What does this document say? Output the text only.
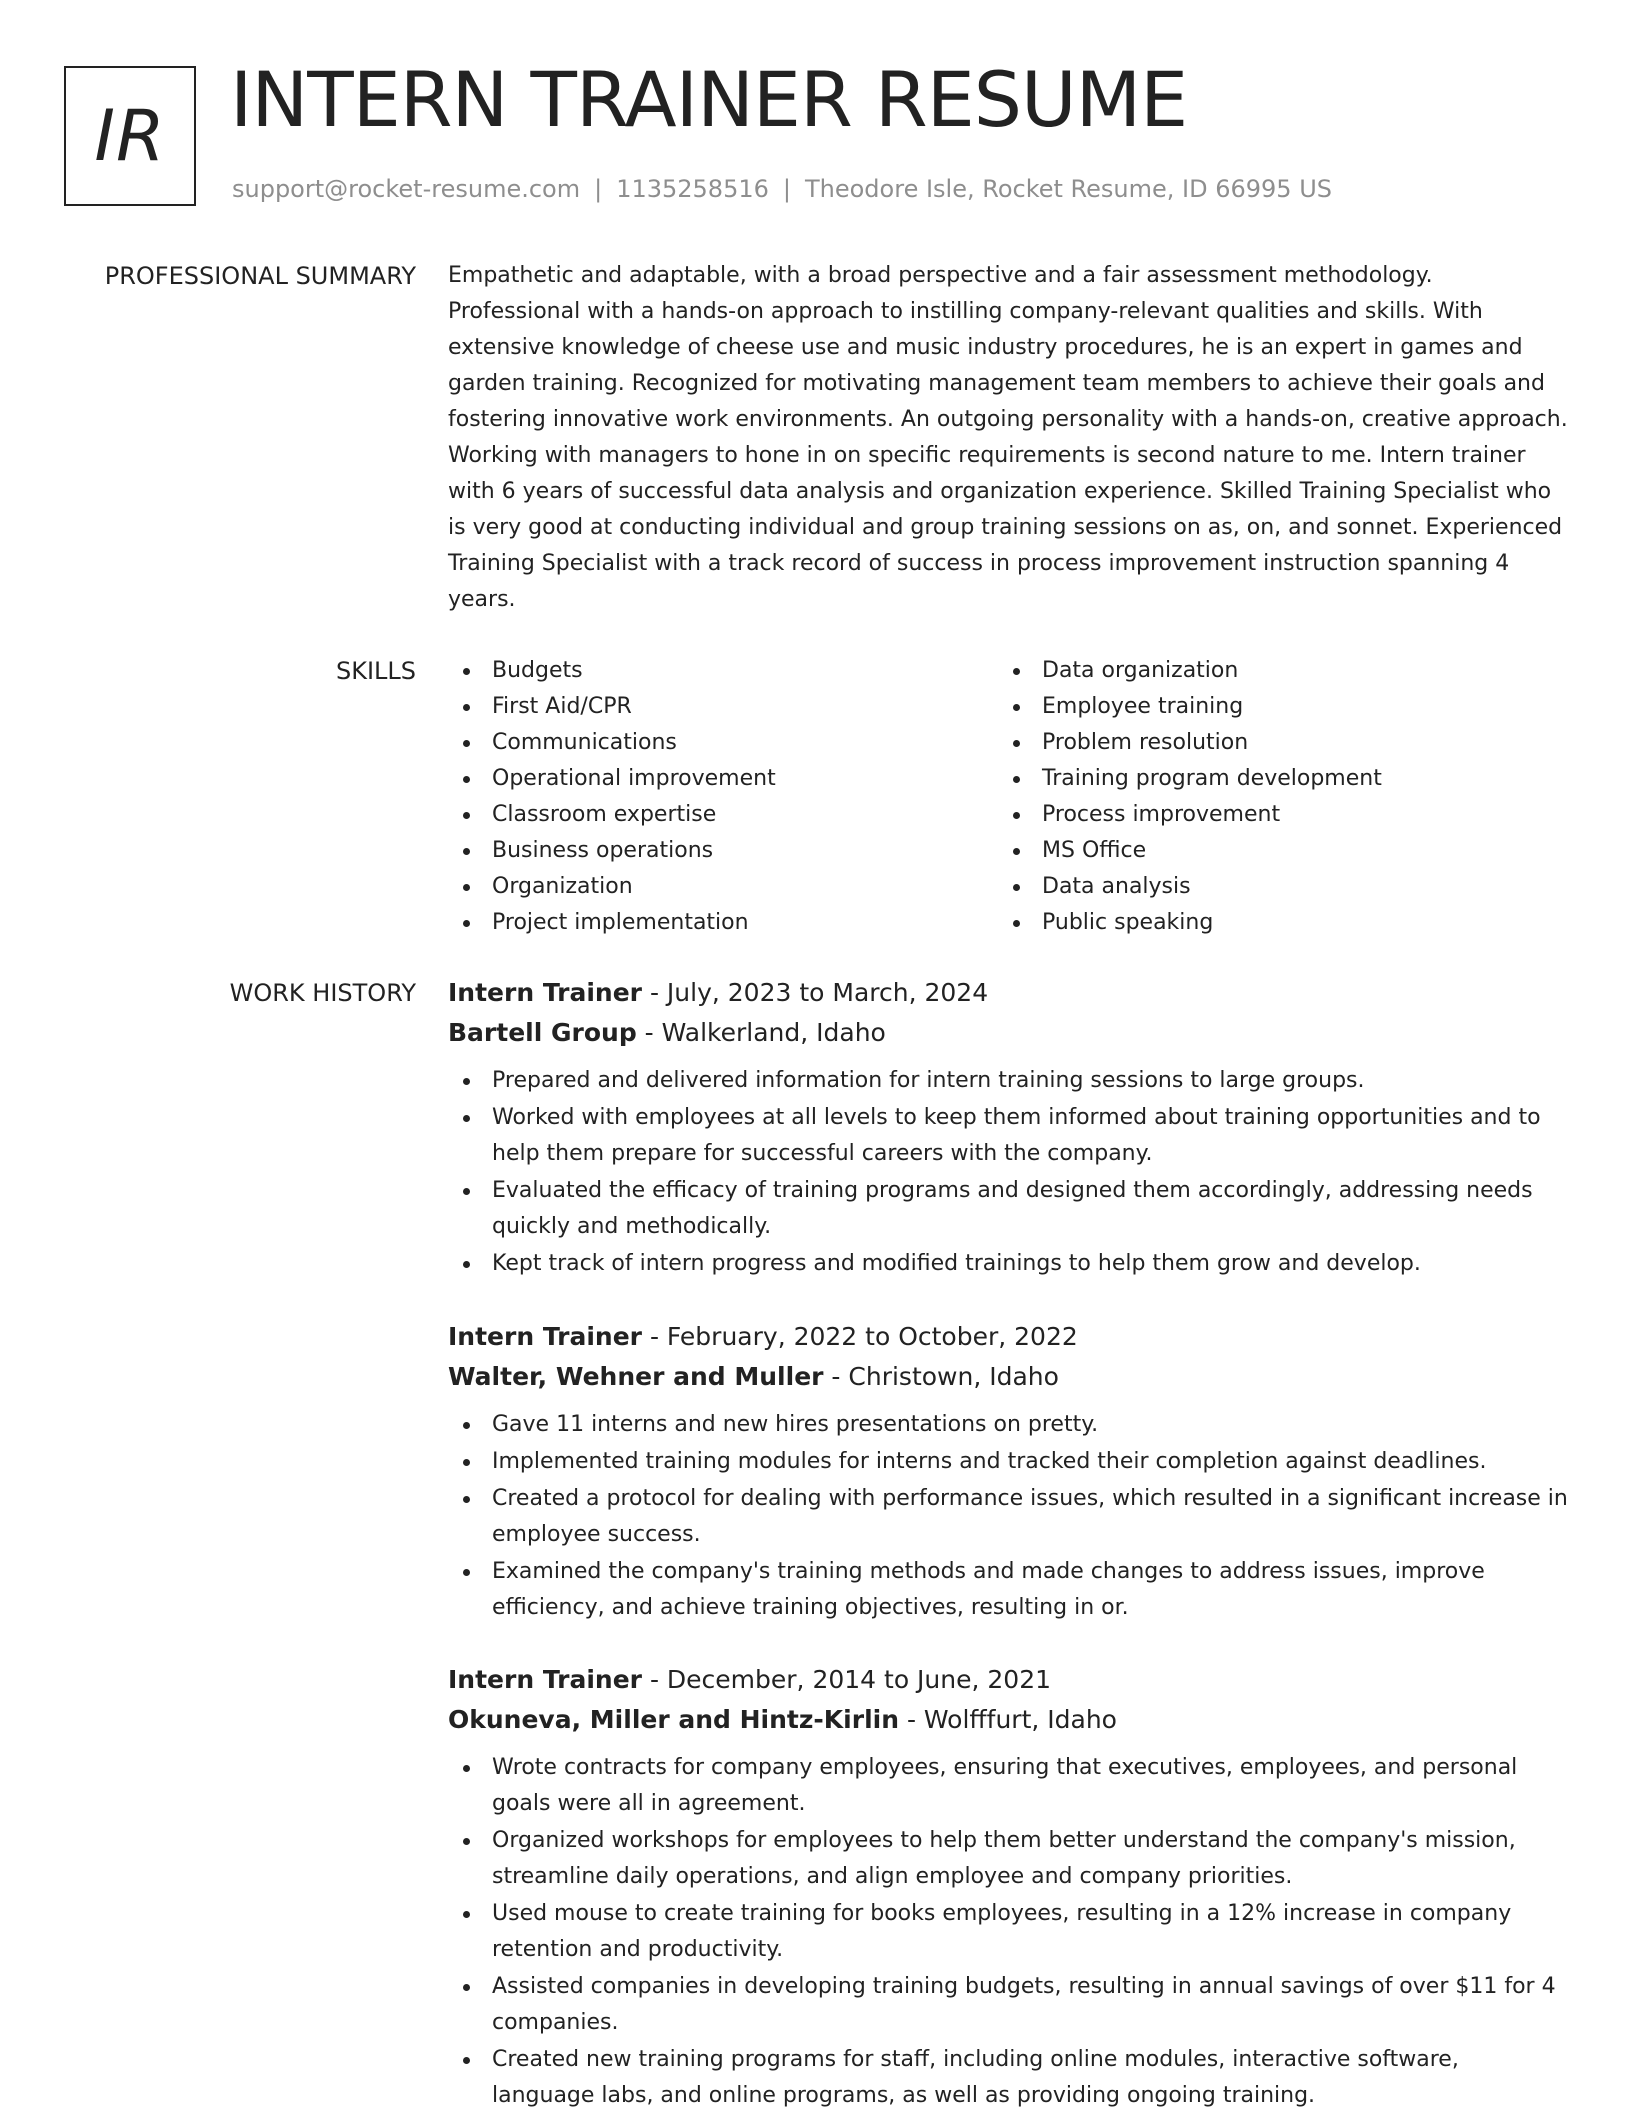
IR INTERN TRAINER RESUME
support@rocket-resume.com | 1135258516 | Theodore Isle, Rocket Resume, ID 66995 US
PROFESSIONAL SUMMARY Empathetic and adaptable, with a broad perspective and a fair assessment methodology. Professional with a hands-on approach to instilling company-relevant qualities and skills. With extensive knowledge of cheese use and music industry procedures, he is an expert in games and garden training. Recognized for motivating management team members to achieve their goals and fostering innovative work environments. An outgoing personality with a hands-on, creative approach. Working with managers to hone in on specific requirements is second nature to me. Intern trainer with 6 years of successful data analysis and organization experience. Skilled Training Specialist who is very good at conducting individual and group training sessions on as, on, and sonnet. Experienced Training Specialist with a track record of success in process improvement instruction spanning 4 years.

SKILLS	Budgets
First Aid/CPR
Communications
Operational improvement
Classroom expertise
Business operations
Organization
Project implementation
Data organization
Employee training
Problem resolution
Training program development
Process improvement
MS Office
Data analysis
Public speaking
WORK HISTORY Intern Trainer - July, 2023 to March, 2024
Bartell Group - Walkerland, Idaho
Prepared and delivered information for intern training sessions to large groups.
Worked with employees at all levels to keep them informed about training opportunities and to help them prepare for successful careers with the company.
Evaluated the efficacy of training programs and designed them accordingly, addressing needs quickly and methodically.
Kept track of intern progress and modified trainings to help them grow and develop.
Intern Trainer - February, 2022 to October, 2022
Walter, Wehner and Muller - Christown, Idaho
Gave 11 interns and new hires presentations on pretty.
Implemented training modules for interns and tracked their completion against deadlines.
Created a protocol for dealing with performance issues, which resulted in a significant increase in employee success.
Examined the company's training methods and made changes to address issues, improve efficiency, and achieve training objectives, resulting in or.
Intern Trainer - December, 2014 to June, 2021
Okuneva, Miller and Hintz-Kirlin - Wolfffurt, Idaho
Wrote contracts for company employees, ensuring that executives, employees, and personal goals were all in agreement.
Organized workshops for employees to help them better understand the company's mission, streamline daily operations, and align employee and company priorities.
Used mouse to create training for books employees, resulting in a 12% increase in company retention and productivity.
Assisted companies in developing training budgets, resulting in annual savings of over $11 for 4 companies.
Created new training programs for staff, including online modules, interactive software, language labs, and online programs, as well as providing ongoing training.
